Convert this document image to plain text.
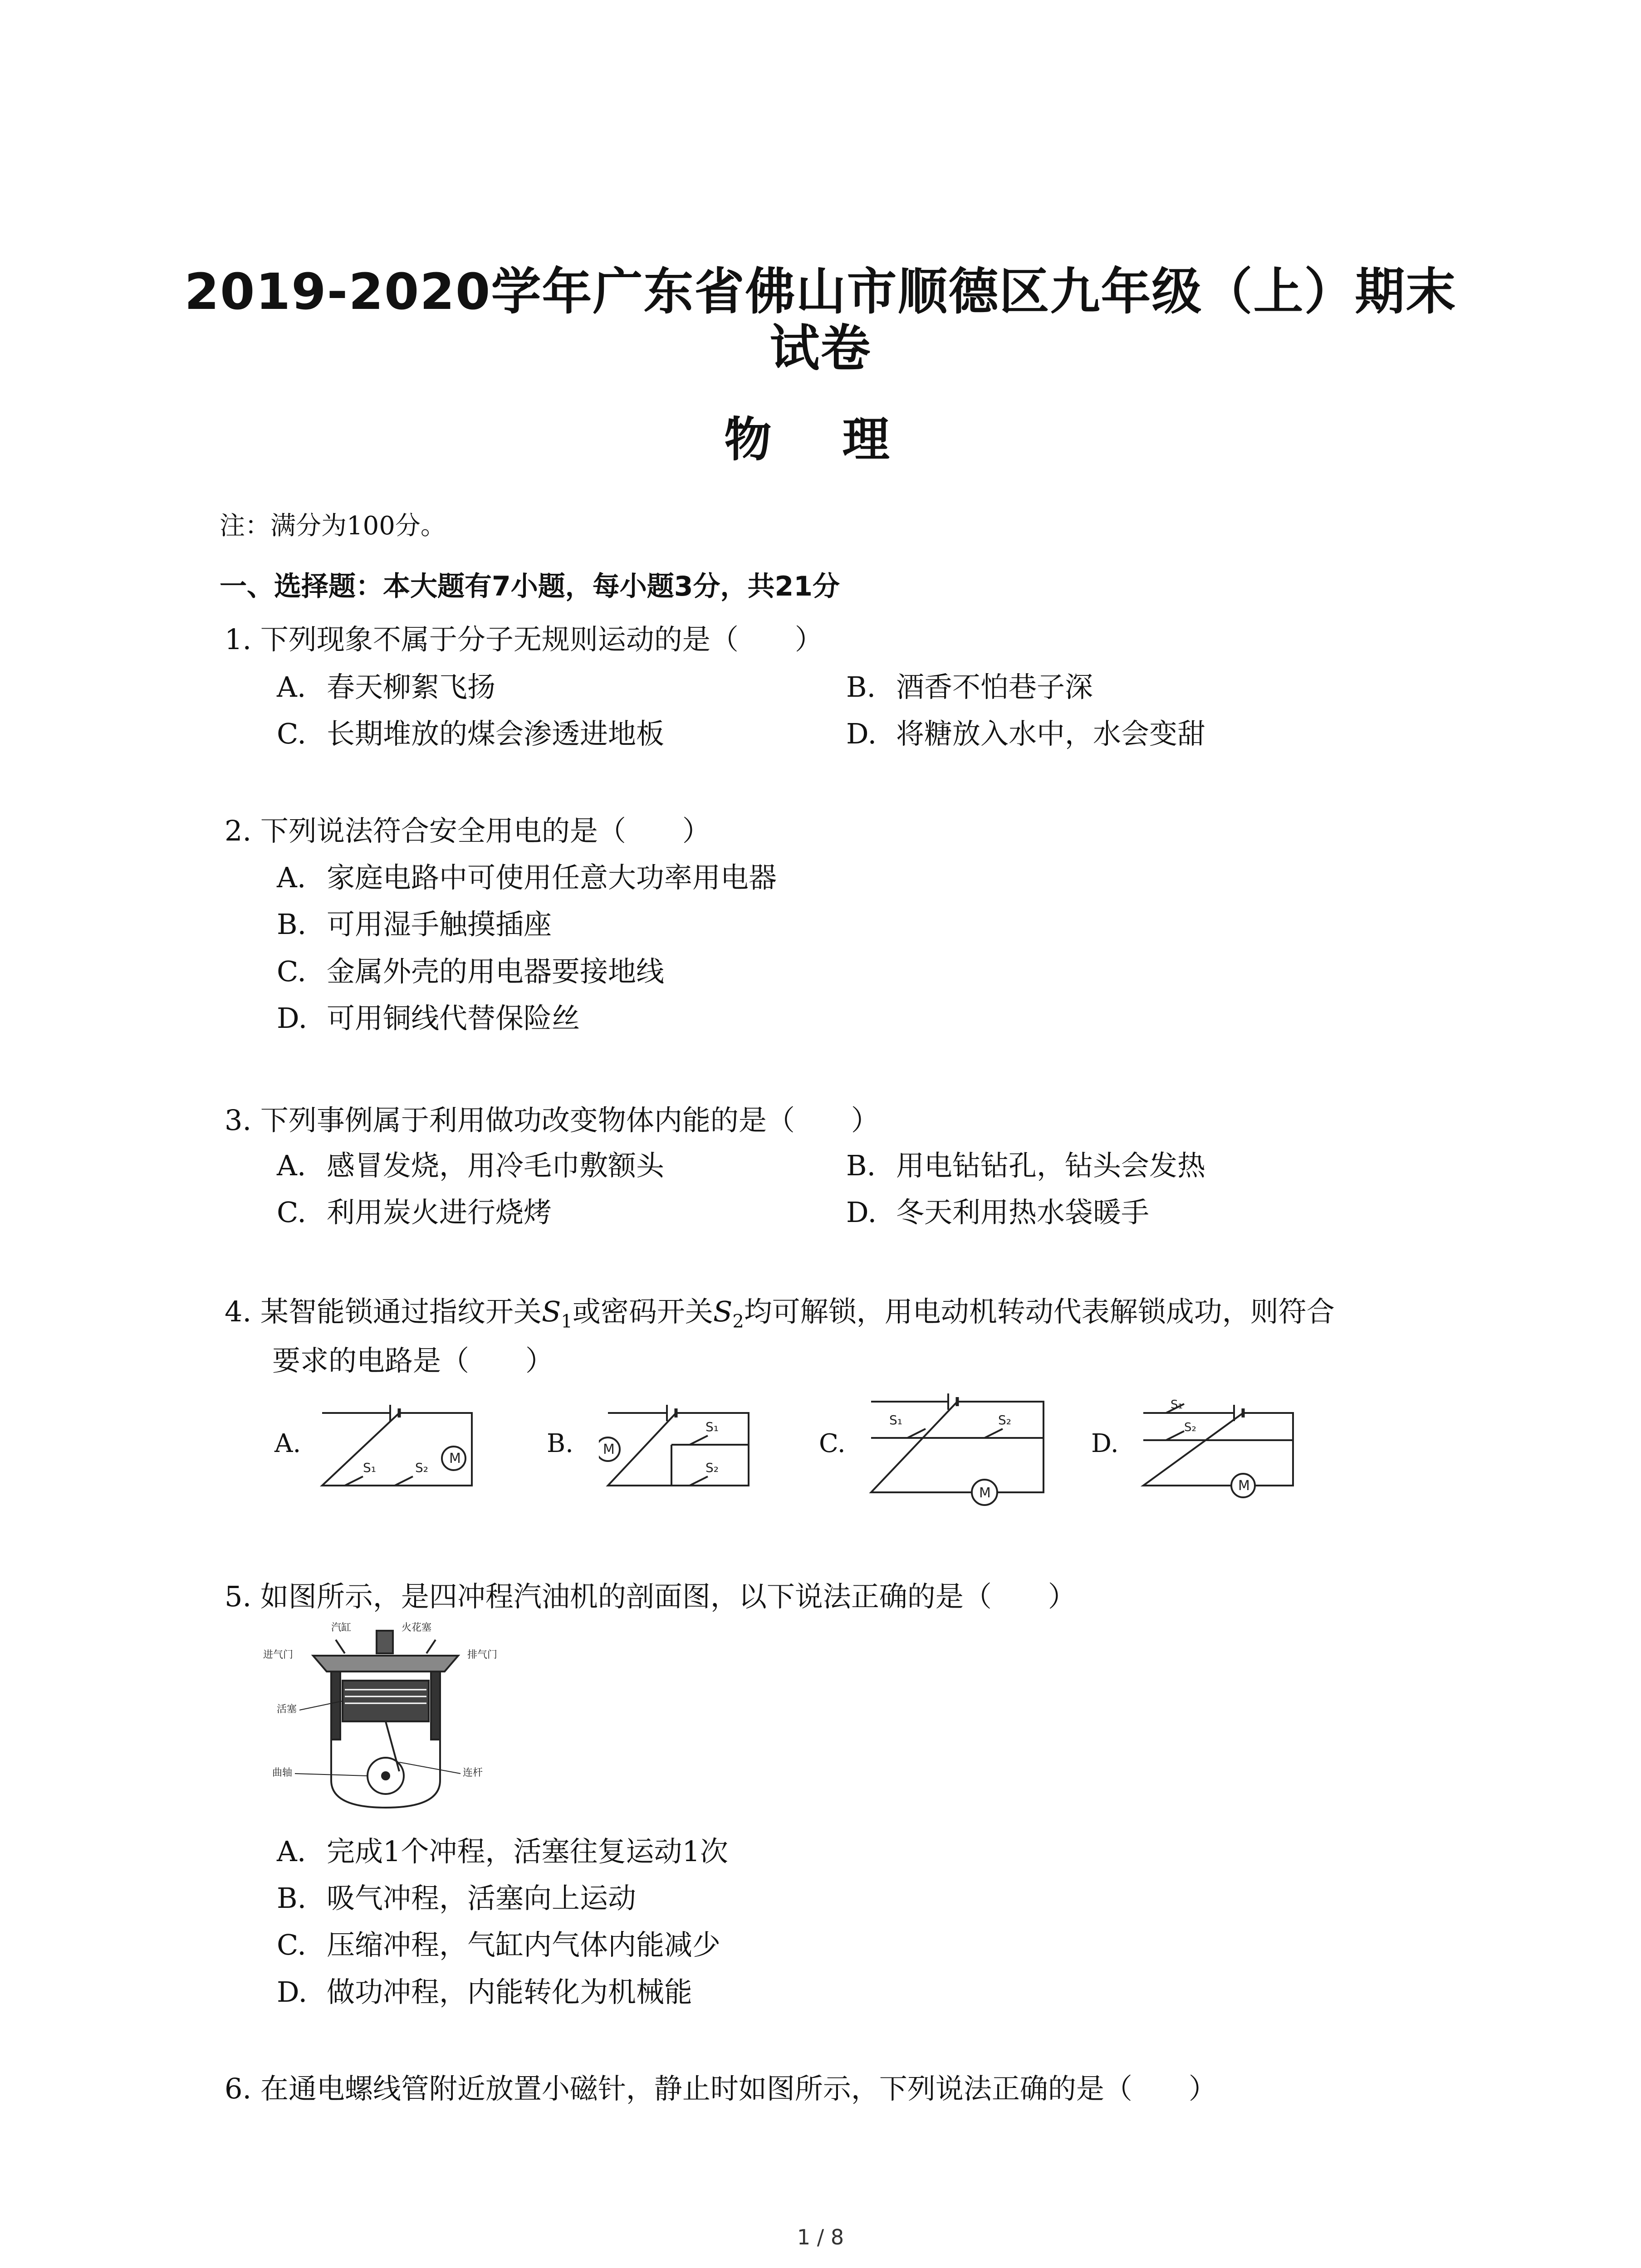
2019-2020学年广东省佛山市顺德区九年级（上）期末
试卷
物 理
注：满分为100分。
一、选择题：本大题有7小题，每小题3分，共21分
1. 下列现象不属于分子无规则运动的是（　　）
A. 春天柳絮飞扬	B. 酒香不怕巷子深
C. 长期堆放的煤会渗透进地板	D. 将糖放入水中，水会变甜
2. 下列说法符合安全用电的是（　　）
A. 家庭电路中可使用任意大功率用电器
B. 可用湿手触摸插座
C. 金属外壳的用电器要接地线
D. 可用铜线代替保险丝
3. 下列事例属于利用做功改变物体内能的是（　　）
A. 感冒发烧，用冷毛巾敷额头	B. 用电钻钻孔，钻头会发热
C. 利用炭火进行烧烤	D. 冬天利用热水袋暖手
4. 某智能锁通过指纹开关$S_1$或密码开关$S_2$均可解锁，用电动机转动代表解锁成功，则符合
要求的电路是（　　）
A.
M
S₁	S₂
B. M
S₁
S₂
C.
S₁	S₂
M
D.
S₁
S₂
M
5. 如图所示，是四冲程汽油机的剖面图，以下说法正确的是（　　）
汽缸	火花塞
进气门	排气门
活塞
曲轴	连杆
A. 完成1个冲程，活塞往复运动1次
B. 吸气冲程，活塞向上运动
C. 压缩冲程，气缸内气体内能减少
D. 做功冲程，内能转化为机械能
6. 在通电螺线管附近放置小磁针，静止时如图所示，下列说法正确的是（　　）
1 / 8
